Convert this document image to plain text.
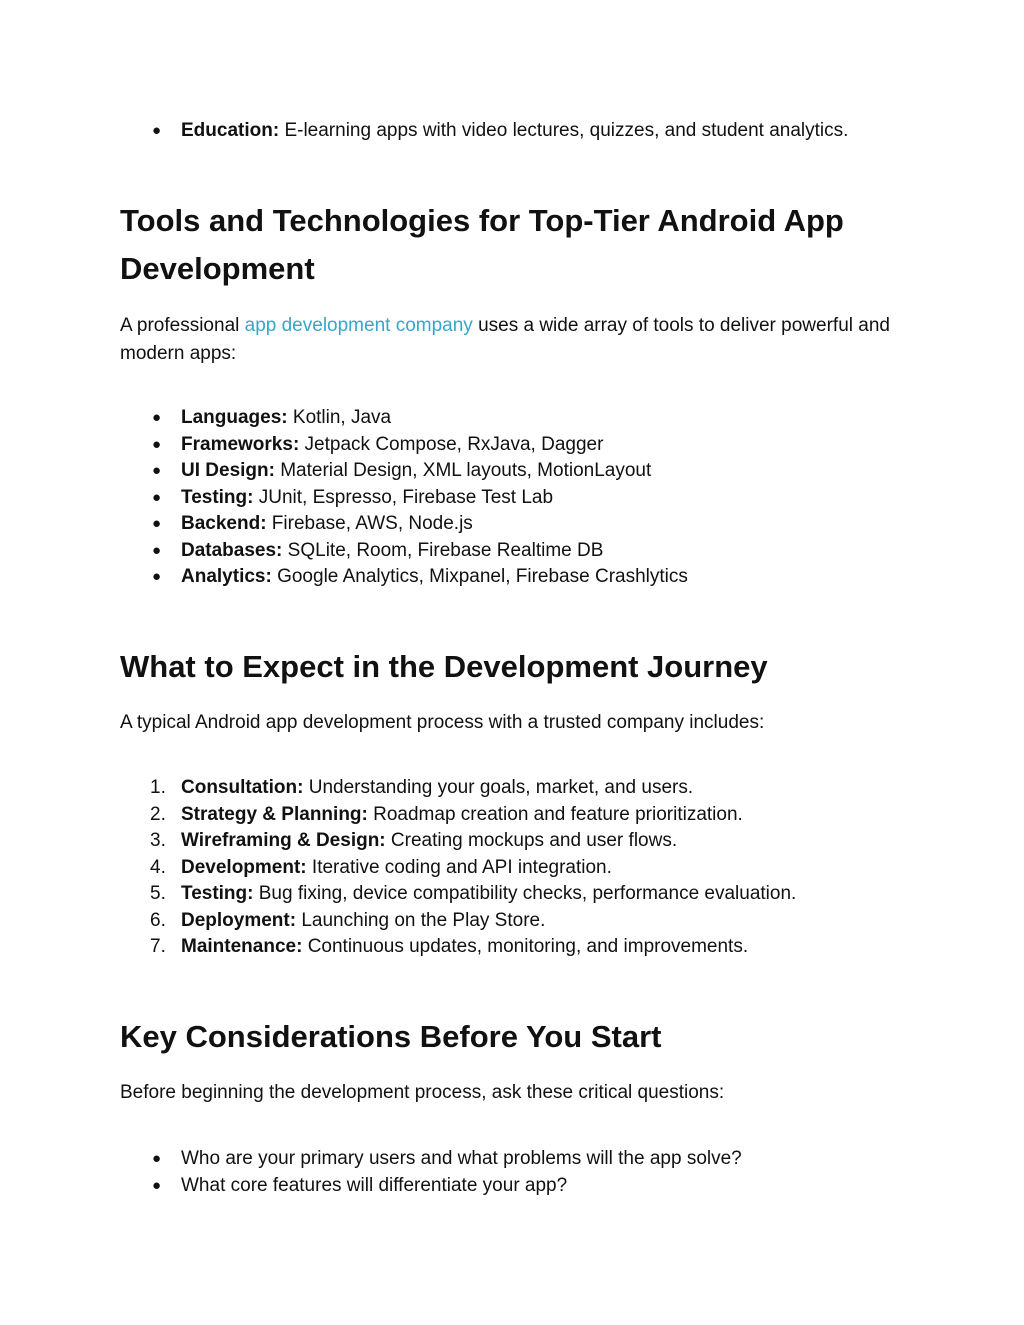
● Education: E-learning apps with video lectures, quizzes, and student analytics.
Tools and Technologies for Top-Tier Android App Development

A professional app development company uses a wide array of tools to deliver powerful and modern apps:

● Languages: Kotlin, Java
● Frameworks: Jetpack Compose, RxJava, Dagger
● UI Design: Material Design, XML layouts, MotionLayout
● Testing: JUnit, Espresso, Firebase Test Lab
● Backend: Firebase, AWS, Node.js
● Databases: SQLite, Room, Firebase Realtime DB
● Analytics: Google Analytics, Mixpanel, Firebase Crashlytics
What to Expect in the Development Journey

A typical Android app development process with a trusted company includes:

1. Consultation: Understanding your goals, market, and users.
2. Strategy & Planning: Roadmap creation and feature prioritization.
3. Wireframing & Design: Creating mockups and user flows.
4. Development: Iterative coding and API integration.
5. Testing: Bug fixing, device compatibility checks, performance evaluation.
6. Deployment: Launching on the Play Store.
7. Maintenance: Continuous updates, monitoring, and improvements.
Key Considerations Before You Start

Before beginning the development process, ask these critical questions:

● Who are your primary users and what problems will the app solve?
● What core features will differentiate your app?
